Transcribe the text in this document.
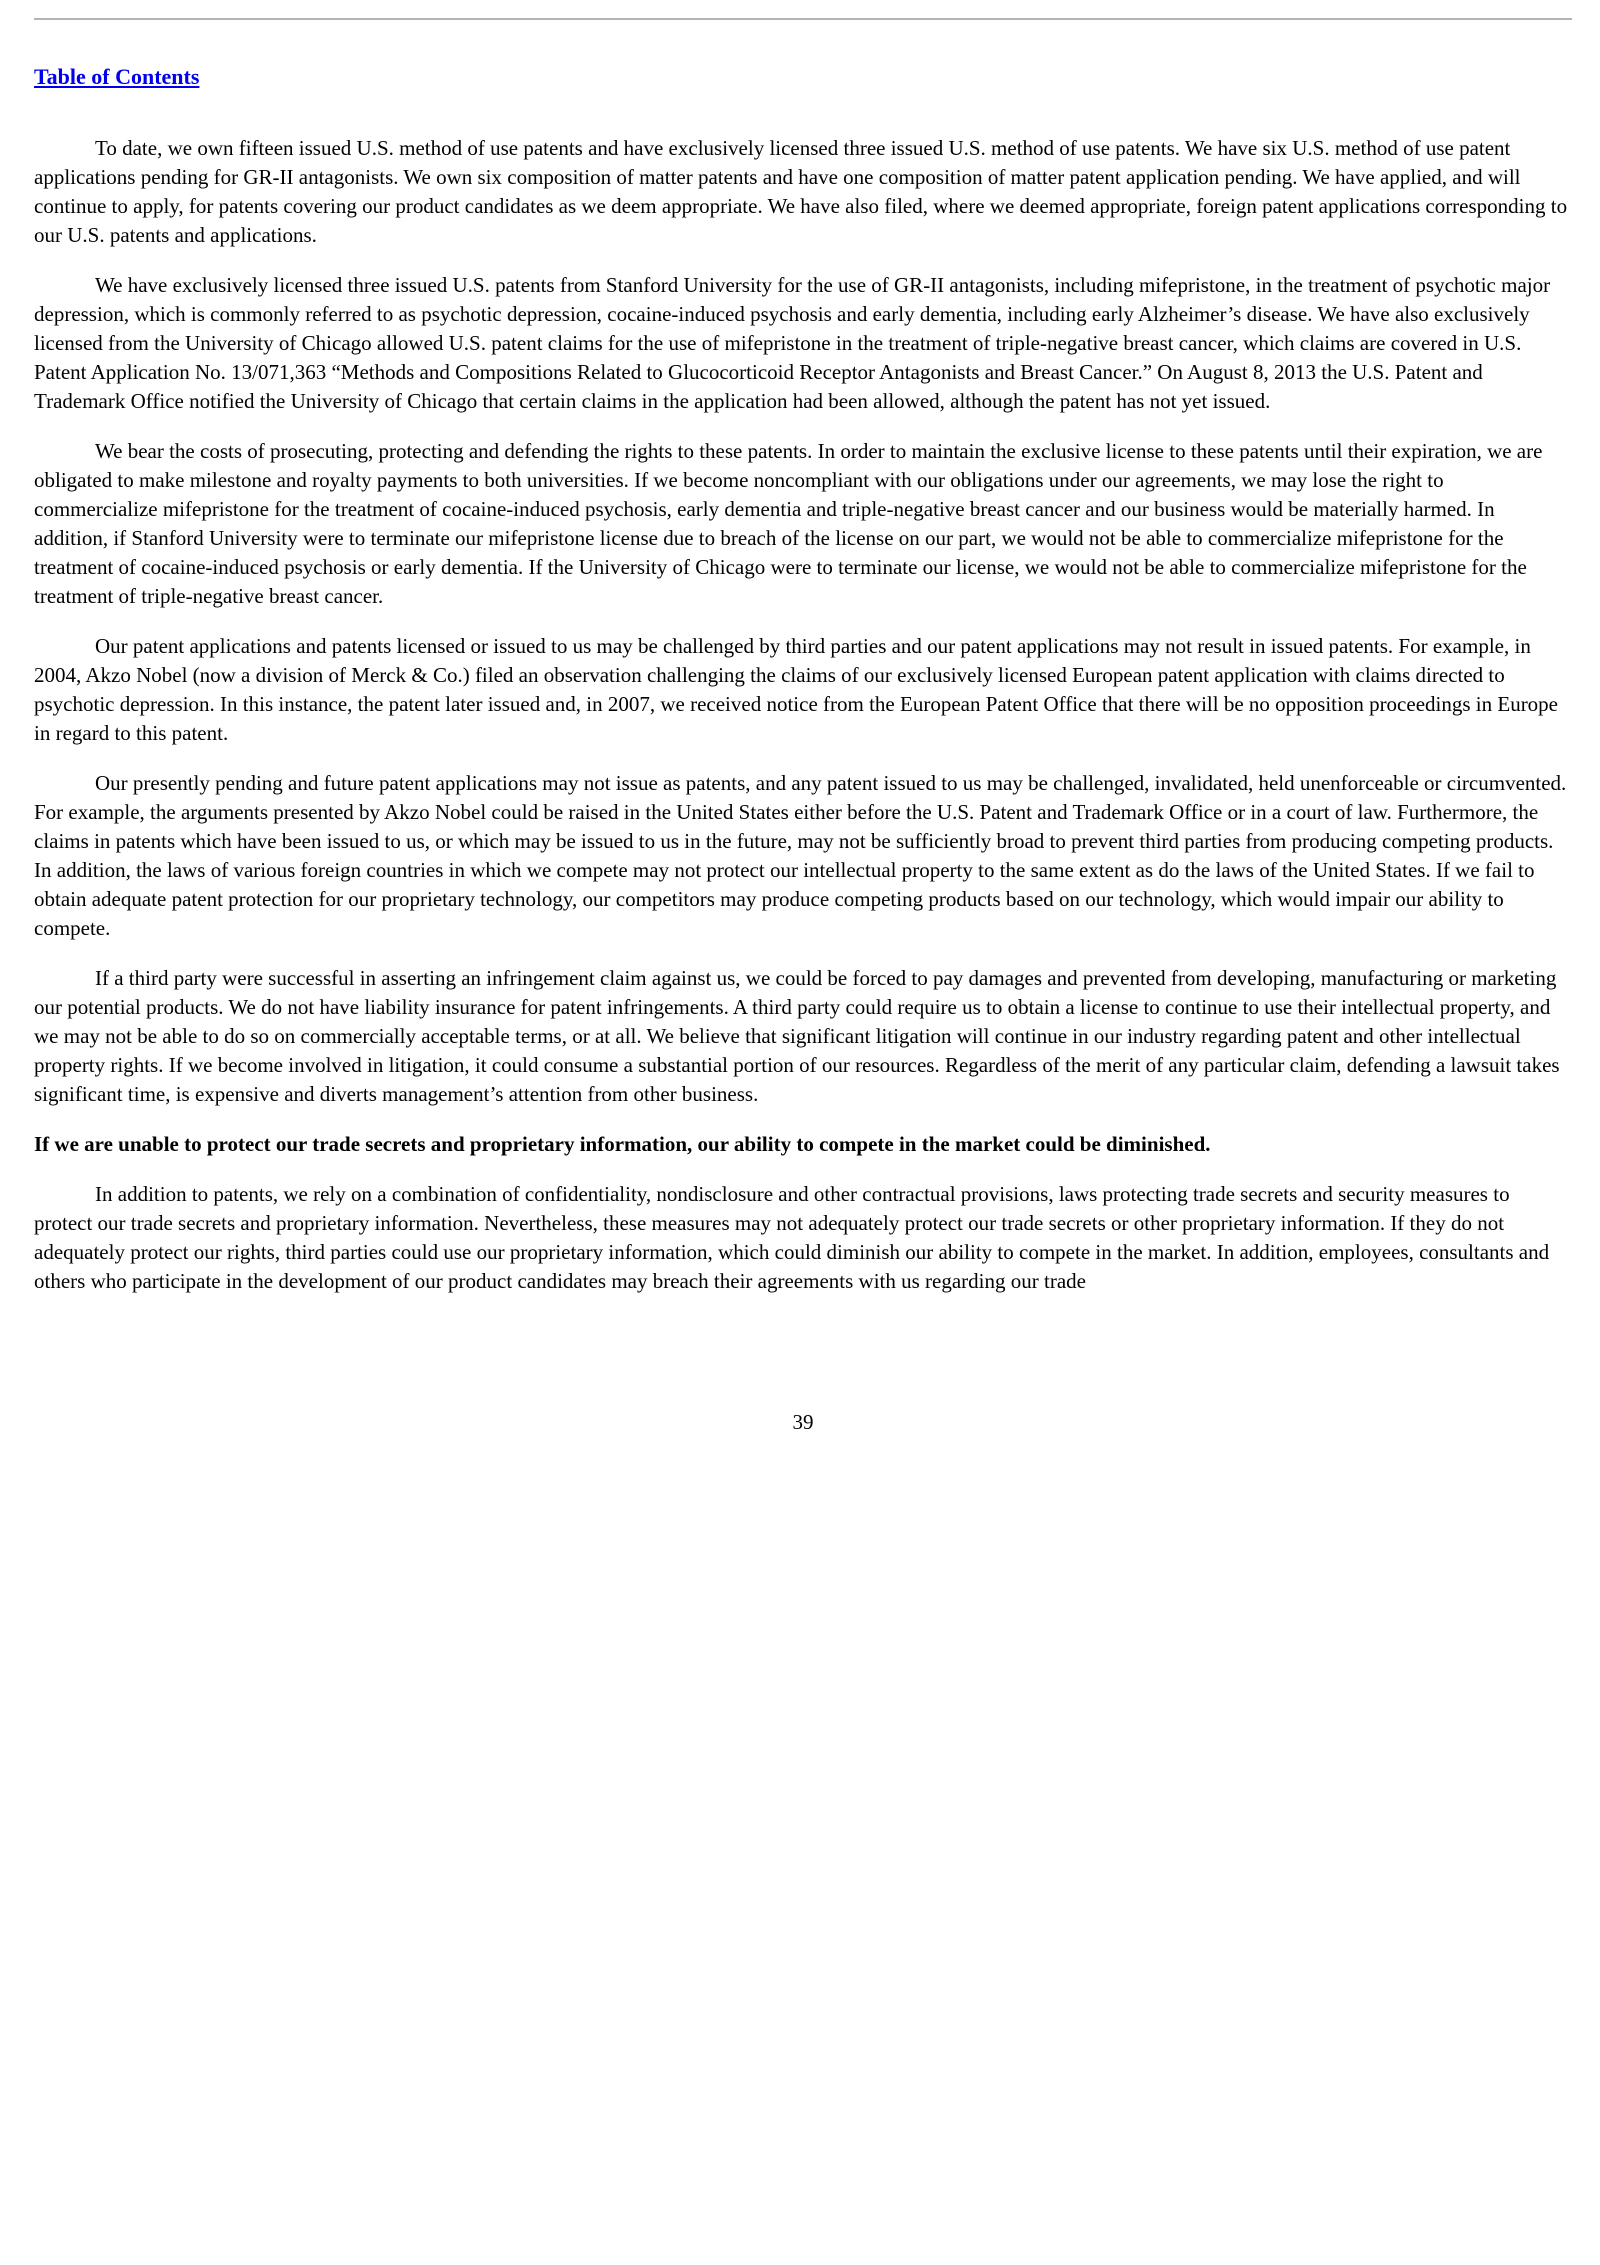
Table of Contents

To date, we own fifteen issued U.S. method of use patents and have exclusively licensed three issued U.S. method of use patents. We have six U.S. method of use patent applications pending for GR-II antagonists. We own six composition of matter patents and have one composition of matter patent application pending. We have applied, and will continue to apply, for patents covering our product candidates as we deem appropriate. We have also filed, where we deemed appropriate, foreign patent applications corresponding to our U.S. patents and applications.

We have exclusively licensed three issued U.S. patents from Stanford University for the use of GR-II antagonists, including mifepristone, in the treatment of psychotic major depression, which is commonly referred to as psychotic depression, cocaine-induced psychosis and early dementia, including early Alzheimer’s disease. We have also exclusively licensed from the University of Chicago allowed U.S. patent claims for the use of mifepristone in the treatment of triple-negative breast cancer, which claims are covered in U.S. Patent Application No. 13/071,363 “Methods and Compositions Related to Glucocorticoid Receptor Antagonists and Breast Cancer.” On August 8, 2013 the U.S. Patent and Trademark Office notified the University of Chicago that certain claims in the application had been allowed, although the patent has not yet issued.

We bear the costs of prosecuting, protecting and defending the rights to these patents. In order to maintain the exclusive license to these patents until their expiration, we are obligated to make milestone and royalty payments to both universities. If we become noncompliant with our obligations under our agreements, we may lose the right to commercialize mifepristone for the treatment of cocaine-induced psychosis, early dementia and triple-negative breast cancer and our business would be materially harmed. In addition, if Stanford University were to terminate our mifepristone license due to breach of the license on our part, we would not be able to commercialize mifepristone for the treatment of cocaine-induced psychosis or early dementia. If the University of Chicago were to terminate our license, we would not be able to commercialize mifepristone for the treatment of triple-negative breast cancer.

Our patent applications and patents licensed or issued to us may be challenged by third parties and our patent applications may not result in issued patents. For example, in 2004, Akzo Nobel (now a division of Merck & Co.) filed an observation challenging the claims of our exclusively licensed European patent application with claims directed to psychotic depression. In this instance, the patent later issued and, in 2007, we received notice from the European Patent Office that there will be no opposition proceedings in Europe in regard to this patent.

Our presently pending and future patent applications may not issue as patents, and any patent issued to us may be challenged, invalidated, held unenforceable or circumvented. For example, the arguments presented by Akzo Nobel could be raised in the United States either before the U.S. Patent and Trademark Office or in a court of law. Furthermore, the claims in patents which have been issued to us, or which may be issued to us in the future, may not be sufficiently broad to prevent third parties from producing competing products. In addition, the laws of various foreign countries in which we compete may not protect our intellectual property to the same extent as do the laws of the United States. If we fail to obtain adequate patent protection for our proprietary technology, our competitors may produce competing products based on our technology, which would impair our ability to compete.

If a third party were successful in asserting an infringement claim against us, we could be forced to pay damages and prevented from developing, manufacturing or marketing our potential products. We do not have liability insurance for patent infringements. A third party could require us to obtain a license to continue to use their intellectual property, and we may not be able to do so on commercially acceptable terms, or at all. We believe that significant litigation will continue in our industry regarding patent and other intellectual property rights. If we become involved in litigation, it could consume a substantial portion of our resources. Regardless of the merit of any particular claim, defending a lawsuit takes significant time, is expensive and diverts management’s attention from other business.

If we are unable to protect our trade secrets and proprietary information, our ability to compete in the market could be diminished.

In addition to patents, we rely on a combination of confidentiality, nondisclosure and other contractual provisions, laws protecting trade secrets and security measures to protect our trade secrets and proprietary information. Nevertheless, these measures may not adequately protect our trade secrets or other proprietary information. If they do not adequately protect our rights, third parties could use our proprietary information, which could diminish our ability to compete in the market. In addition, employees, consultants and others who participate in the development of our product candidates may breach their agreements with us regarding our trade

39
